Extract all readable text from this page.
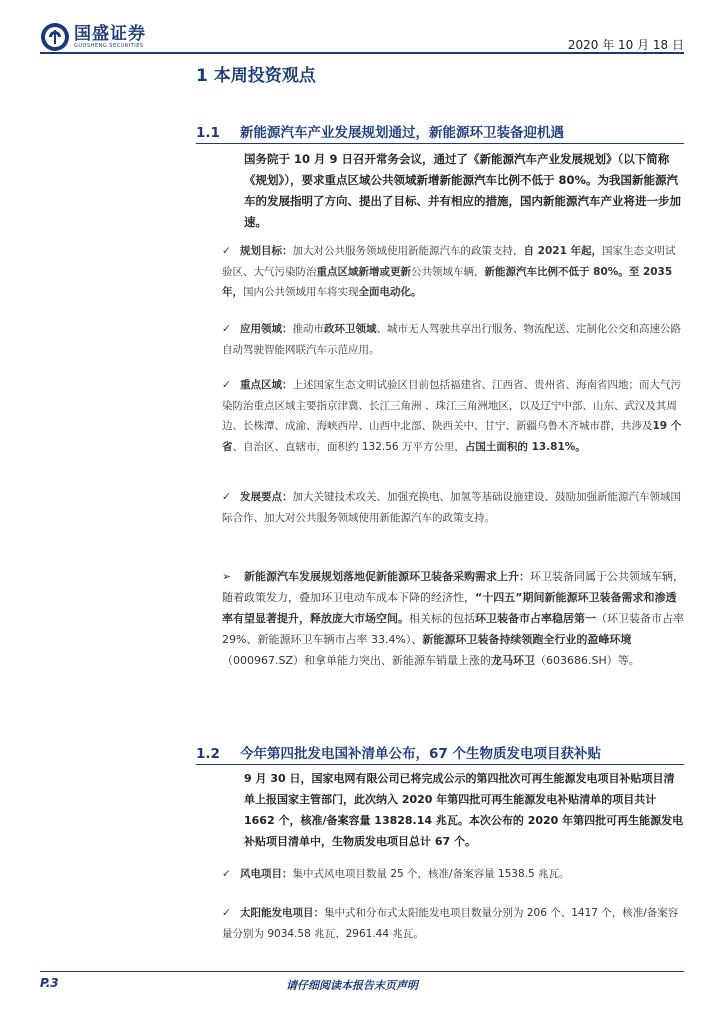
国盛证券
GUOSHENG SECURITIES	2020 年 10 月 18 日
1 本周投资观点
1.1	新能源汽车产业发展规划通过，新能源环卫装备迎机遇
国务院于 10 月 9 日召开常务会议，通过了《新能源汽车产业发展规划》（以下简称《规划》），要求重点区域公共领域新增新能源汽车比例不低于 80%。为我国新能源汽车的发展指明了方向、提出了目标、并有相应的措施，国内新能源汽车产业将进一步加速。
✓ 规划目标：加大对公共服务领域使用新能源汽车的政策支持，自 2021 年起，国家生态文明试验区、大气污染防治重点区域新增或更新公共领域车辆，新能源汽车比例不低于 80%。至 2035 年，国内公共领域用车将实现全面电动化。
✓ 应用领域：推动市政环卫领域、城市无人驾驶共享出行服务、物流配送、定制化公交和高速公路自动驾驶智能网联汽车示范应用。
✓ 重点区域：上述国家生态文明试验区目前包括福建省、江西省、贵州省、海南省四地；而大气污染防治重点区域主要指京津冀、长江三角洲 、珠江三角洲地区，以及辽宁中部、山东、武汉及其周边、长株潭、成渝、海峡西岸、山西中北部、陕西关中、甘宁、新疆乌鲁木齐城市群，共涉及19 个省、自治区、直辖市，面积约 132.56 万平方公里，占国土面积的 13.81%。
✓ 发展要点：加大关键技术攻关、加强充换电、加氢等基础设施建设、鼓励加强新能源汽车领域国际合作、加大对公共服务领域使用新能源汽车的政策支持。
➢ 新能源汽车发展规划落地促新能源环卫装备采购需求上升：环卫装备同属于公共领域车辆，随着政策发力，叠加环卫电动车成本下降的经济性，“十四五”期间新能源环卫装备需求和渗透率有望显著提升，释放庞大市场空间。相关标的包括环卫装备市占率稳居第一（环卫装备市占率 29%、新能源环卫车辆市占率 33.4%）、新能源环卫装备持续领跑全行业的盈峰环境（000967.SZ）和拿单能力突出、新能源车销量上涨的龙马环卫（603686.SH）等。
1.2	今年第四批发电国补清单公布，67 个生物质发电项目获补贴
9 月 30 日，国家电网有限公司已将完成公示的第四批次可再生能源发电项目补贴项目清单上报国家主管部门，此次纳入 2020 年第四批可再生能源发电补贴清单的项目共计 1662 个，核准/备案容量 13828.14 兆瓦。本次公布的 2020 年第四批可再生能源发电补贴项目清单中，生物质发电项目总计 67 个。
✓ 风电项目：集中式风电项目数量 25 个，核准/备案容量 1538.5 兆瓦。
✓ 太阳能发电项目：集中式和分布式太阳能发电项目数量分别为 206 个、1417 个，核准/备案容量分别为 9034.58 兆瓦、2961.44 兆瓦。
P.3	请仔细阅读本报告末页声明
